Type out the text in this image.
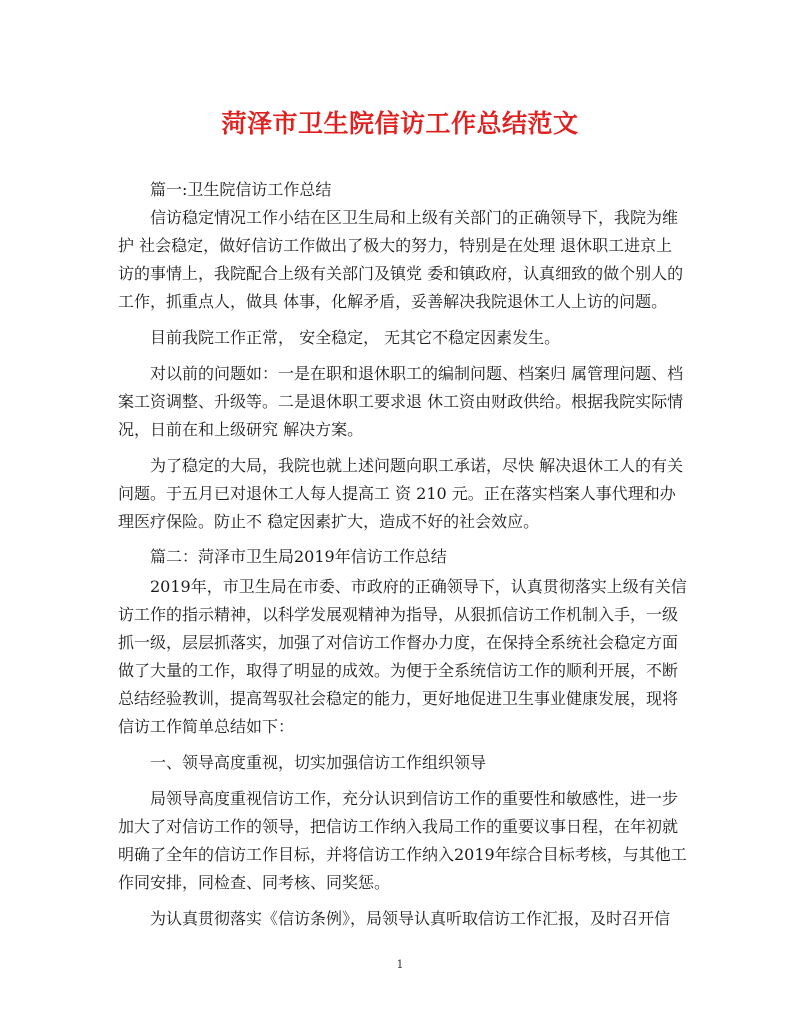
菏泽市卫生院信访工作总结范文
篇一:卫生院信访工作总结
信访稳定情况工作小结在区卫生局和上级有关部门的正确领导下，我院为维
护 社会稳定，做好信访工作做出了极大的努力，特别是在处理 退休职工进京上
访的事情上，我院配合上级有关部门及镇党 委和镇政府，认真细致的做个别人的
工作，抓重点人，做具 体事，化解矛盾，妥善解决我院退休工人上访的问题。
目前我院工作正常， 安全稳定， 无其它不稳定因素发生。
对以前的问题如：一是在职和退休职工的编制问题、档案归 属管理问题、档
案工资调整、升级等。二是退休职工要求退 休工资由财政供给。根据我院实际情
况，日前在和上级研究 解决方案。
为了稳定的大局，我院也就上述问题向职工承诺，尽快 解决退休工人的有关
问题。于五月已对退休工人每人提高工 资 210 元。正在落实档案人事代理和办
理医疗保险。防止不 稳定因素扩大，造成不好的社会效应。
篇二：菏泽市卫生局2019年信访工作总结
2019年，市卫生局在市委、市政府的正确领导下，认真贯彻落实上级有关信
访工作的指示精神，以科学发展观精神为指导，从狠抓信访工作机制入手，一级
抓一级，层层抓落实，加强了对信访工作督办力度，在保持全系统社会稳定方面
做了大量的工作，取得了明显的成效。为便于全系统信访工作的顺利开展，不断
总结经验教训，提高驾驭社会稳定的能力，更好地促进卫生事业健康发展，现将
信访工作简单总结如下：
一、领导高度重视，切实加强信访工作组织领导
局领导高度重视信访工作，充分认识到信访工作的重要性和敏感性，进一步
加大了对信访工作的领导，把信访工作纳入我局工作的重要议事日程，在年初就
明确了全年的信访工作目标，并将信访工作纳入2019年综合目标考核，与其他工
作同安排，同检查、同考核、同奖惩。
为认真贯彻落实《信访条例》，局领导认真听取信访工作汇报，及时召开信
1
